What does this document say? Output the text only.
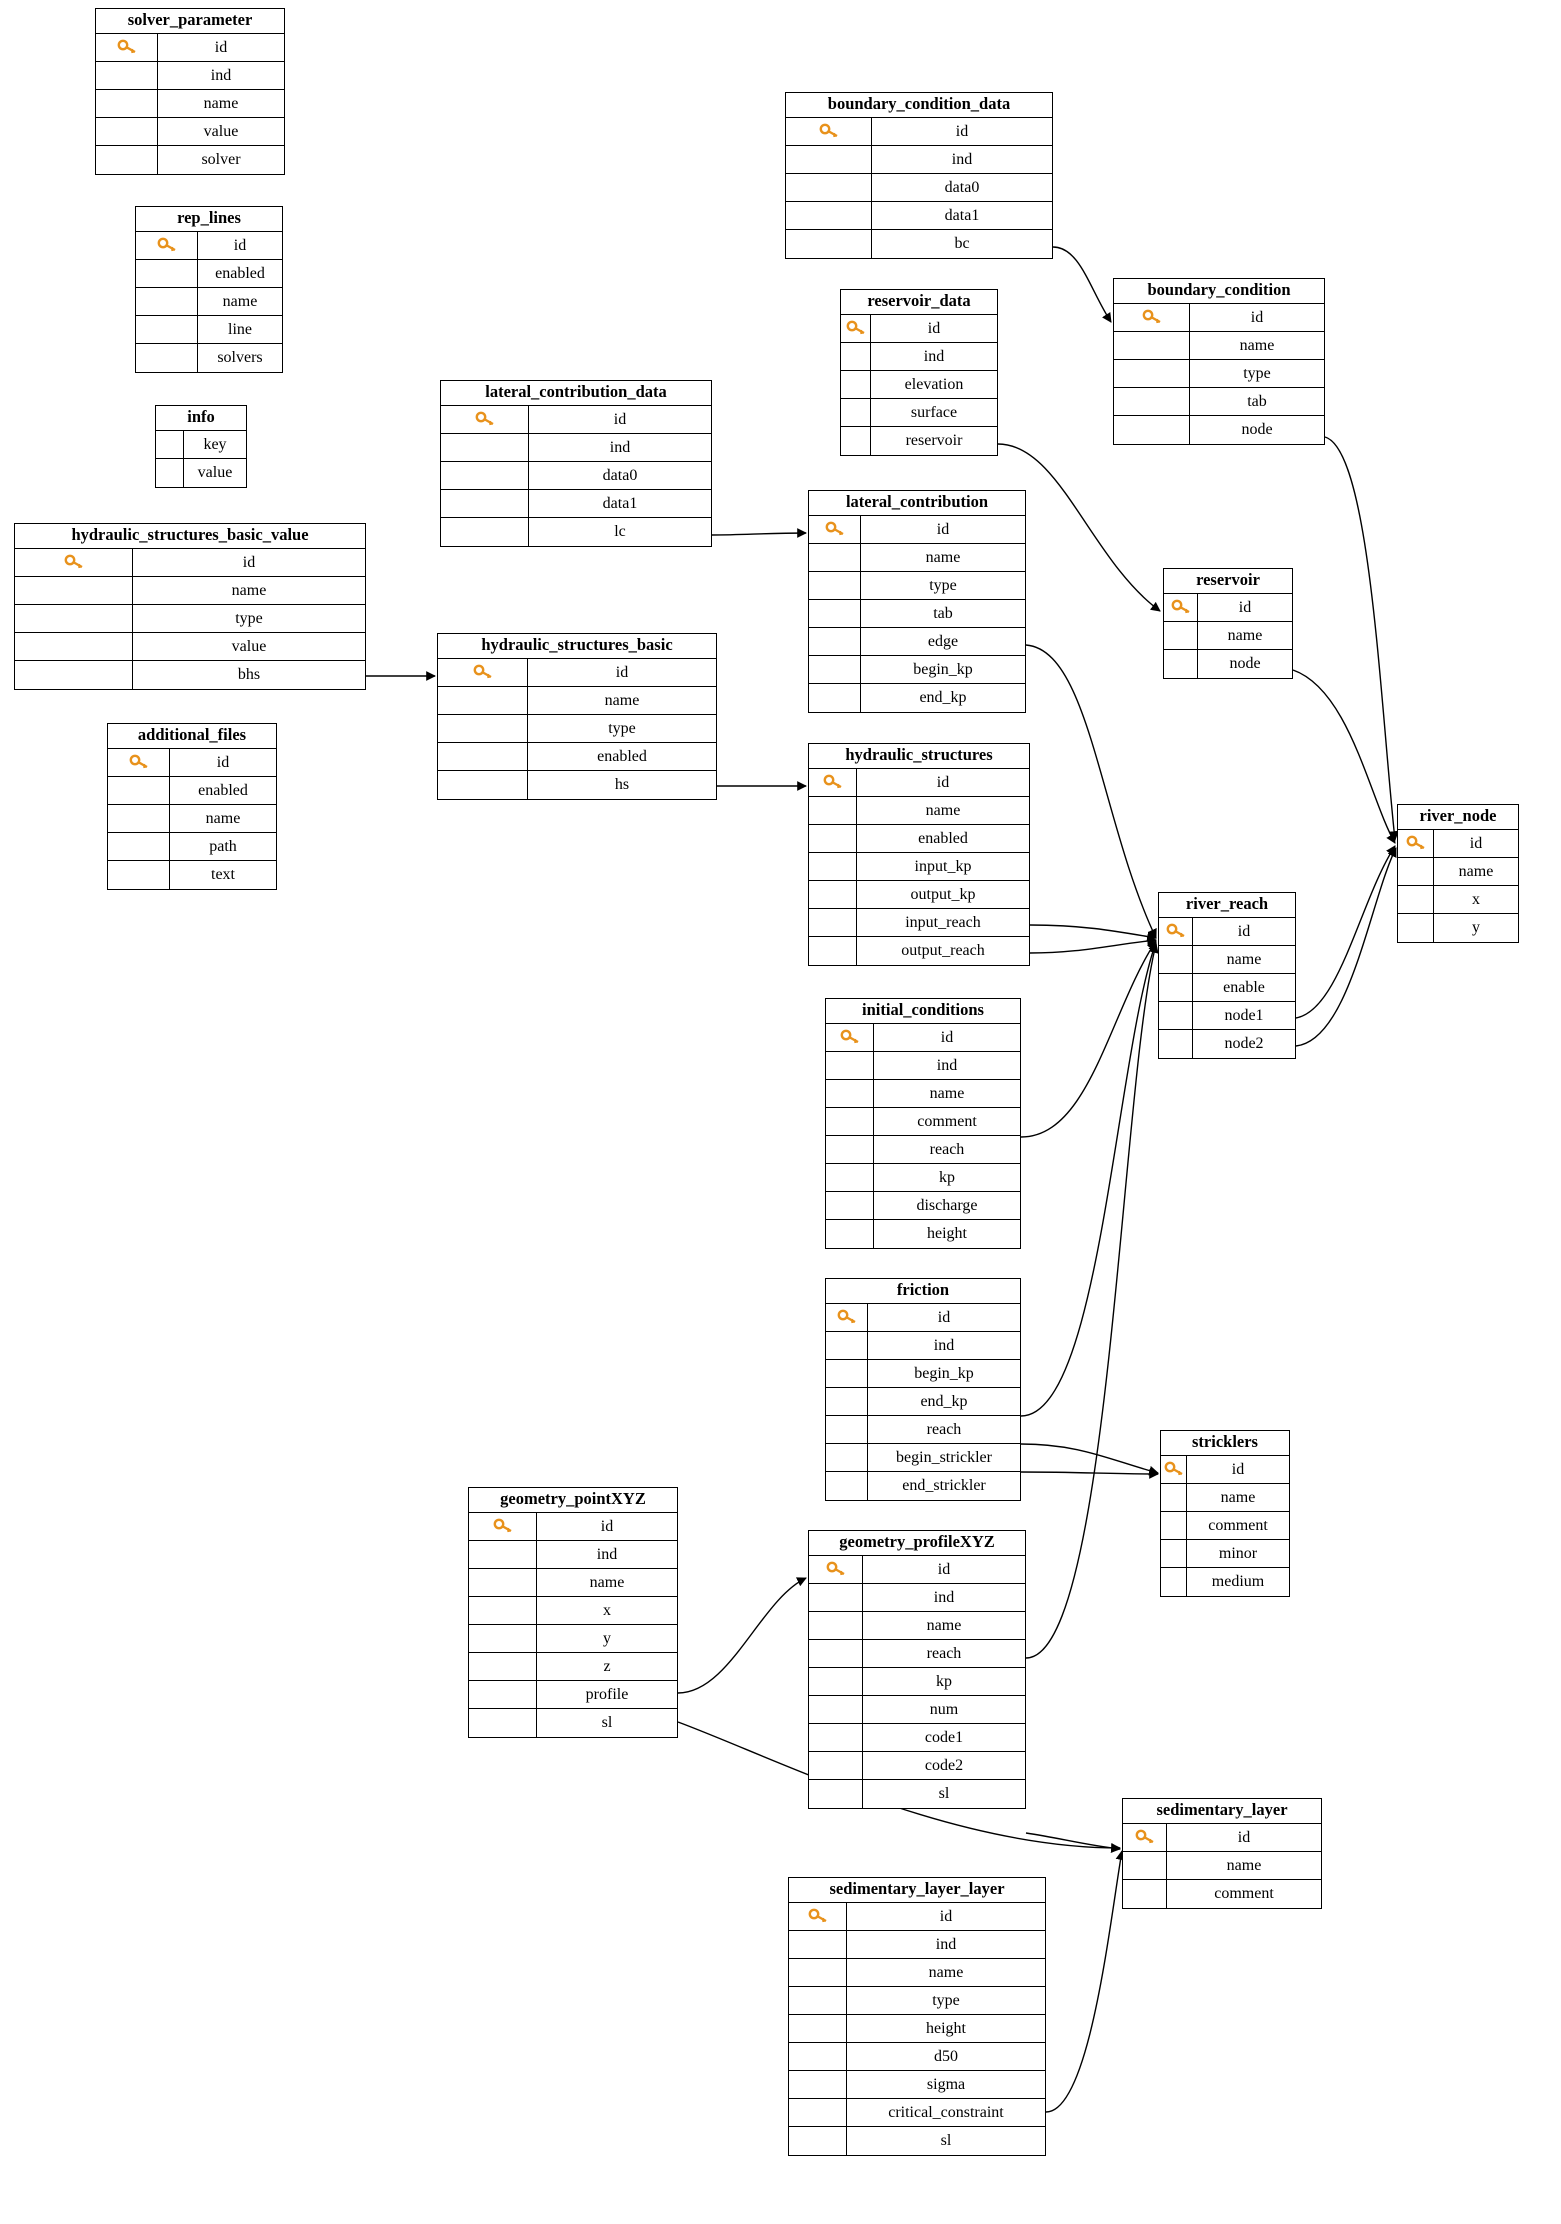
solver_parameter
id
ind
name
value
solver
rep_lines
id
enabled
name
line
solvers
info
key
value
hydraulic_structures_basic_value
id
name
type
value
bhs
additional_files
id
enabled
name
path
text
lateral_contribution_data
id
ind
data0
data1
lc
hydraulic_structures_basic
id
name
type
enabled
hs
boundary_condition_data
id
ind
data0
data1
bc
reservoir_data
id
ind
elevation
surface
reservoir
lateral_contribution
id
name
type
tab
edge
begin_kp
end_kp
hydraulic_structures
id
name
enabled
input_kp
output_kp
input_reach
output_reach
initial_conditions
id
ind
name
comment
reach
kp
discharge
height
friction
id
ind
begin_kp
end_kp
reach
begin_strickler
end_strickler
geometry_pointXYZ
id
ind
name
x
y
z
profile
sl
geometry_profileXYZ
id
ind
name
reach
kp
num
code1
code2
sl
sedimentary_layer_layer
id
ind
name
type
height
d50
sigma
critical_constraint
sl
boundary_condition
id
name
type
tab
node
reservoir
id
name
node
river_reach
id
name
enable
node1
node2
river_node
id
name
x
y
stricklers
id
name
comment
minor
medium
sedimentary_layer
id
name
comment
